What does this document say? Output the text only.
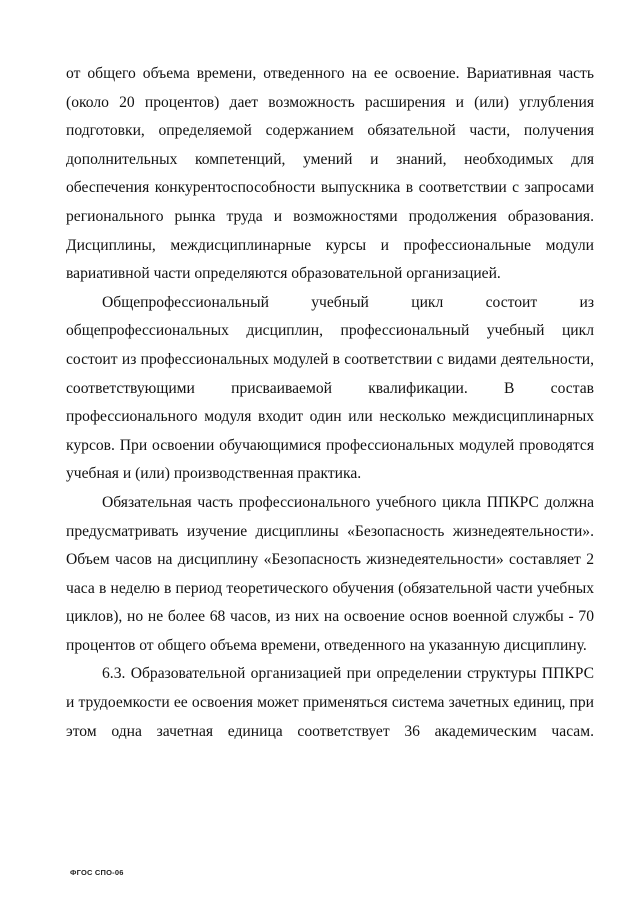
от общего объема времени, отведенного на ее освоение. Вариативная часть (около 20 процентов) дает возможность расширения и (или) углубления подготовки, определяемой содержанием обязательной части, получения дополнительных компетенций, умений и знаний, необходимых для обеспечения конкурентоспособности выпускника в соответствии с запросами регионального рынка труда и возможностями продолжения образования. Дисциплины, междисциплинарные курсы и профессиональные модули вариативной части определяются образовательной организацией.

Общепрофессиональный учебный цикл состоит из общепрофессиональных дисциплин, профессиональный учебный цикл состоит из профессиональных модулей в соответствии с видами деятельности, соответствующими присваиваемой квалификации. В состав профессионального модуля входит один или несколько междисциплинарных курсов. При освоении обучающимися профессиональных модулей проводятся учебная и (или) производственная практика.

Обязательная часть профессионального учебного цикла ППКРС должна предусматривать изучение дисциплины «Безопасность жизнедеятельности». Объем часов на дисциплину «Безопасность жизнедеятельности» составляет 2 часа в неделю в период теоретического обучения (обязательной части учебных циклов), но не более 68 часов, из них на освоение основ военной службы - 70 процентов от общего объема времени, отведенного на указанную дисциплину.

6.3. Образовательной организацией при определении структуры ППКРС и трудоемкости ее освоения может применяться система зачетных единиц, при этом одна зачетная единица соответствует 36 академическим часам.

ФГОС СПО-06
